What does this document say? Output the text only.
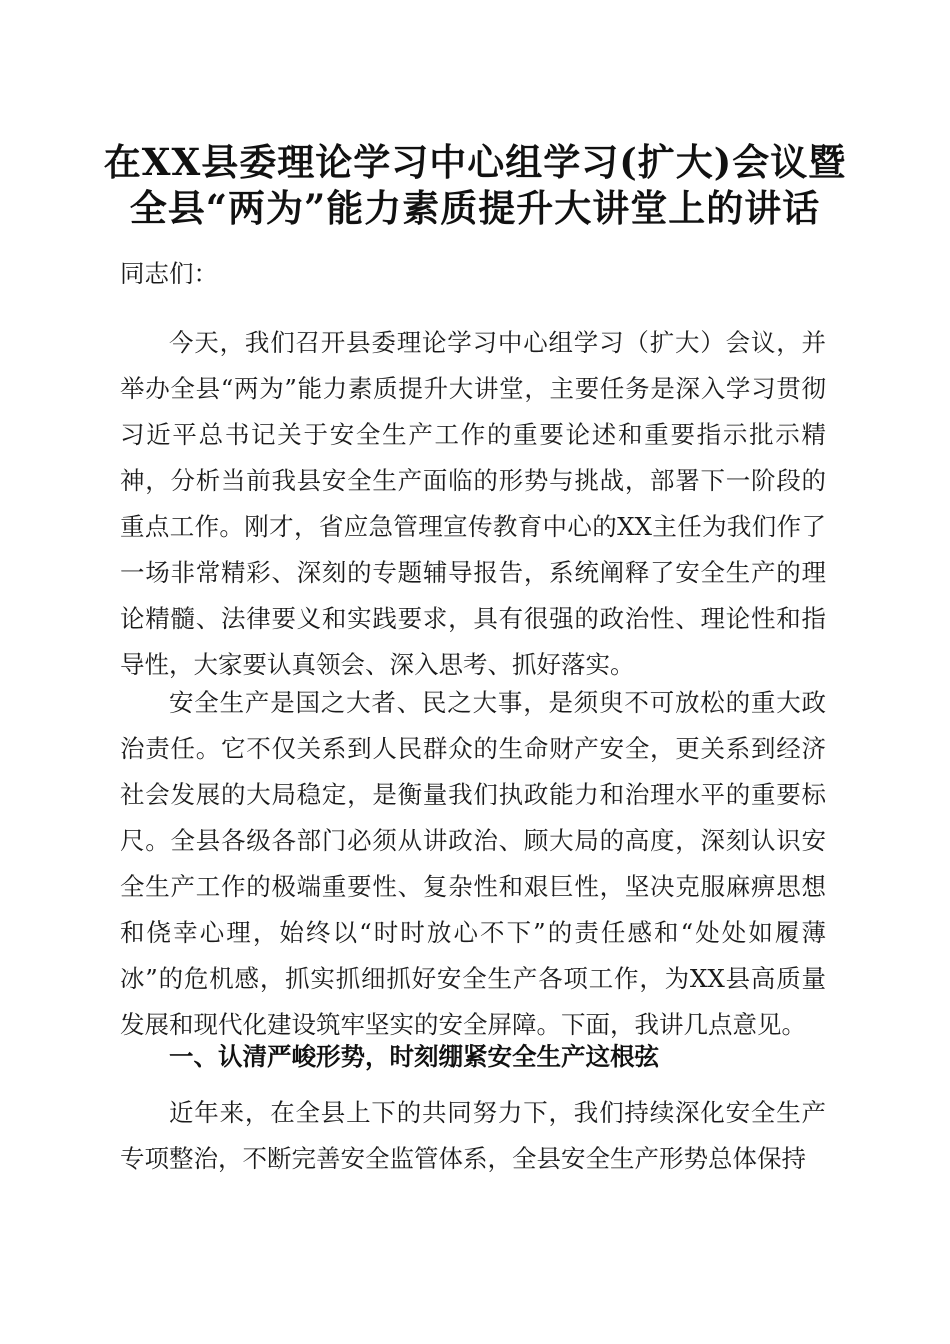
在XX县委理论学习中心组学习(扩大)会议暨
全县“两为”能力素质提升大讲堂上的讲话

同志们：

今天，我们召开县委理论学习中心组学习（扩大）会议，并举办全县“两为”能力素质提升大讲堂，主要任务是深入学习贯彻习近平总书记关于安全生产工作的重要论述和重要指示批示精神，分析当前我县安全生产面临的形势与挑战，部署下一阶段的重点工作。刚才，省应急管理宣传教育中心的XX主任为我们作了一场非常精彩、深刻的专题辅导报告，系统阐释了安全生产的理论精髓、法律要义和实践要求，具有很强的政治性、理论性和指导性，大家要认真领会、深入思考、抓好落实。

安全生产是国之大者、民之大事，是须臾不可放松的重大政治责任。它不仅关系到人民群众的生命财产安全，更关系到经济社会发展的大局稳定，是衡量我们执政能力和治理水平的重要标尺。全县各级各部门必须从讲政治、顾大局的高度，深刻认识安全生产工作的极端重要性、复杂性和艰巨性，坚决克服麻痹思想和侥幸心理，始终以“时时放心不下”的责任感和“处处如履薄冰”的危机感，抓实抓细抓好安全生产各项工作，为XX县高质量发展和现代化建设筑牢坚实的安全屏障。下面，我讲几点意见。

一、认清严峻形势，时刻绷紧安全生产这根弦

近年来，在全县上下的共同努力下，我们持续深化安全生产专项整治，不断完善安全监管体系，全县安全生产形势总体保持
